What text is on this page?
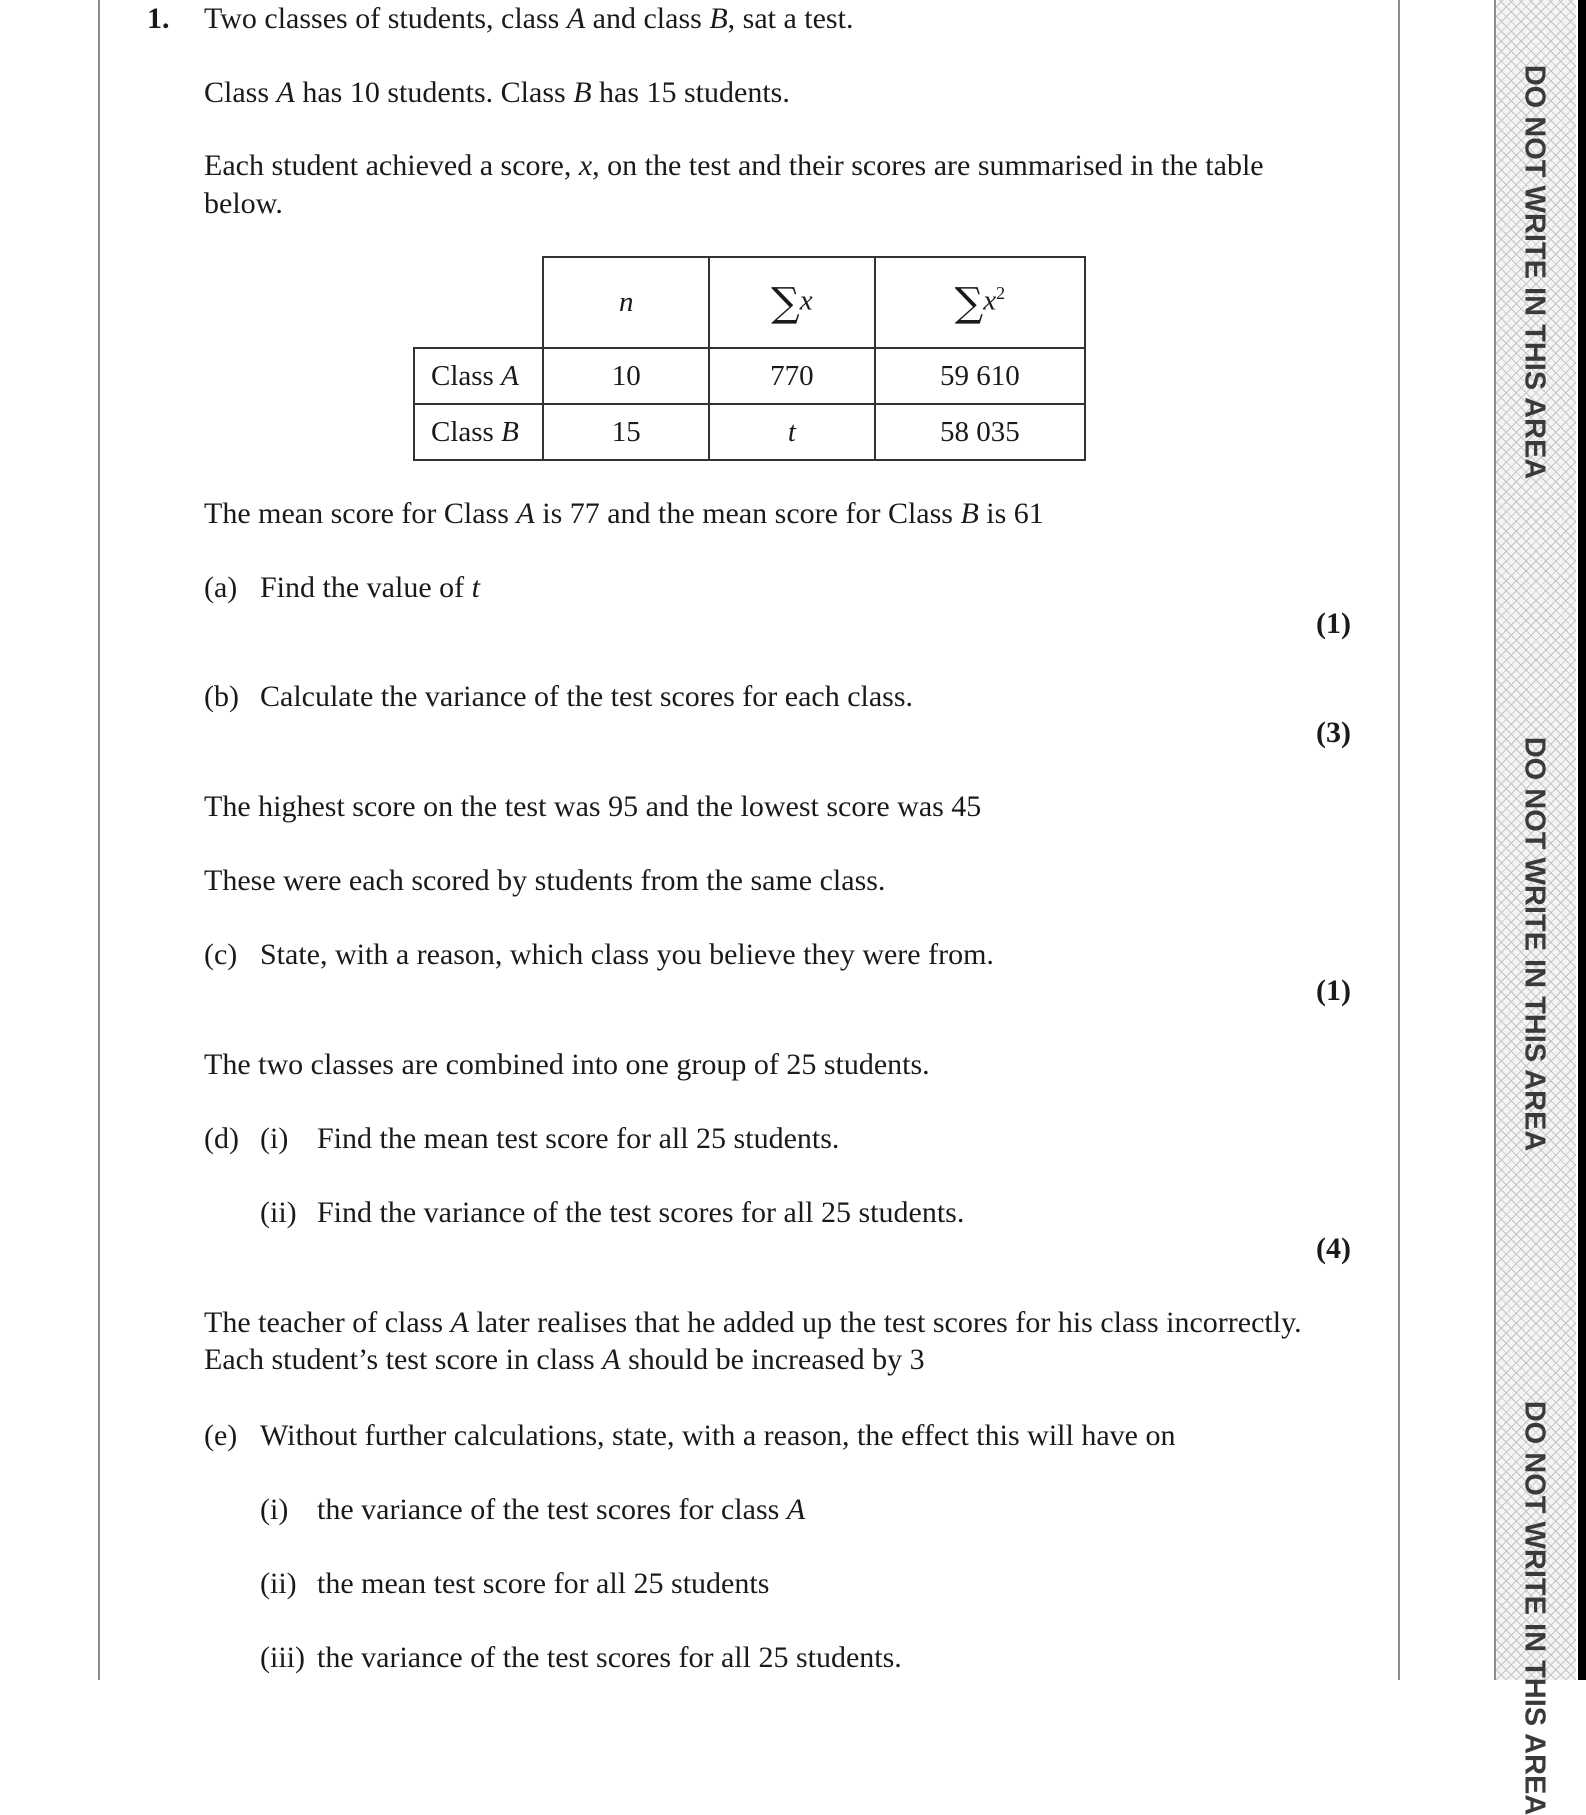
DO NOT WRITE IN THIS AREA
DO NOT WRITE IN THIS AREA
DO NOT WRITE IN THIS AREA
1. Two classes of students, class A and class B, sat a test.
Class A has 10 students. Class B has 15 students.
Each student achieved a score, x, on the test and their scores are summarised in the table
below.
	n	∑x	$\sum x^2$
Class A	10	770	59 610
Class B	15	t	58 035
The mean score for Class A is 77 and the mean score for Class B is 61
(a) Find the value of t
(1)
(b) Calculate the variance of the test scores for each class.
(3)
The highest score on the test was 95 and the lowest score was 45
These were each scored by students from the same class.
(c) State, with a reason, which class you believe they were from.
(1)
The two classes are combined into one group of 25 students.
(d) (i) Find the mean test score for all 25 students.
(ii) Find the variance of the test scores for all 25 students.
(4)
The teacher of class A later realises that he added up the test scores for his class incorrectly.
Each student’s test score in class A should be increased by 3
(e) Without further calculations, state, with a reason, the effect this will have on
(i) the variance of the test scores for class A
(ii) the mean test score for all 25 students
(iii) the variance of the test scores for all 25 students.
